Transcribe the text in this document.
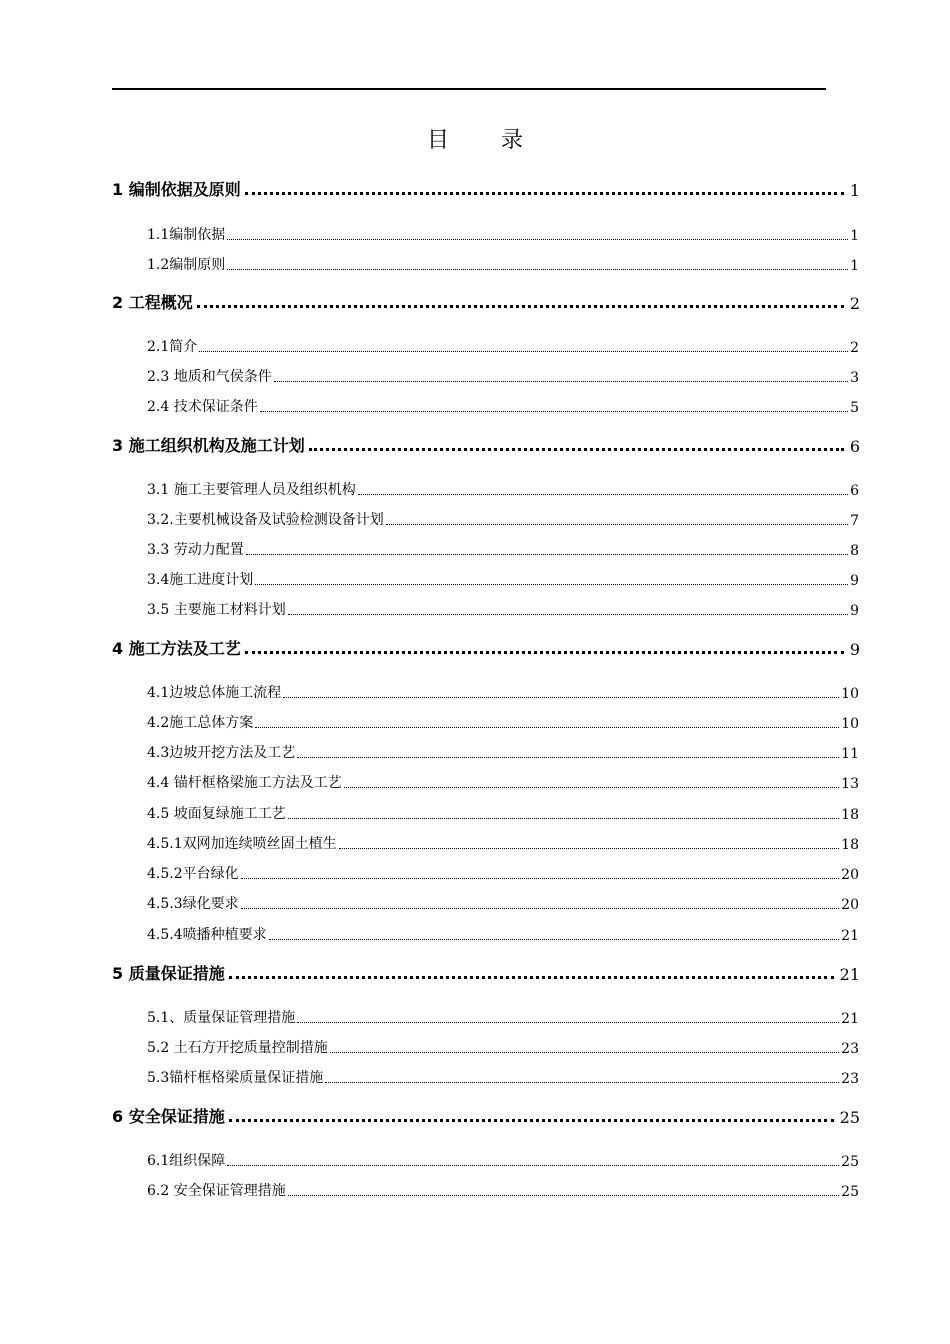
目录
1 编制依据及原则	1
1.1编制依据	1
1.2编制原则	1
2 工程概况	2
2.1简介	2
2.3 地质和气侯条件	3
2.4 技术保证条件	5
3 施工组织机构及施工计划	6
3.1 施工主要管理人员及组织机构	6
3.2.主要机械设备及试验检测设备计划	7
3.3 劳动力配置	8
3.4施工进度计划	9
3.5 主要施工材料计划	9
4 施工方法及工艺	9
4.1边坡总体施工流程	10
4.2施工总体方案	10
4.3边坡开挖方法及工艺	11
4.4 锚杆框格梁施工方法及工艺	13
4.5 坡面复绿施工工艺	18
4.5.1双网加连续喷丝固土植生	18
4.5.2平台绿化	20
4.5.3绿化要求	20
4.5.4喷播种植要求	21
5 质量保证措施	21
5.1、质量保证管理措施	21
5.2 土石方开挖质量控制措施	23
5.3锚杆框格梁质量保证措施	23
6 安全保证措施	25
6.1组织保障	25
6.2 安全保证管理措施	25
